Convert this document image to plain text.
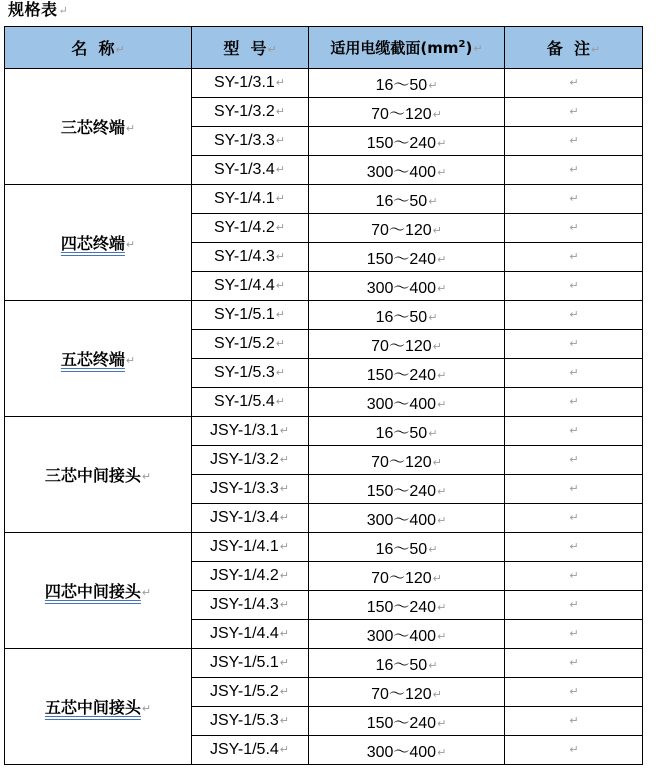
规格表↵
名  称↵	型  号↵	适用电缆截面$(mm^2)↵$	备  注↵
三芯终端↵	SY-1/3.1↵	16～50↵	↵
	SY-1/3.2↵	70～120↵	↵
	SY-1/3.3↵	150～240↵	↵
	SY-1/3.4↵	300～400↵	↵
四芯终端↵	SY-1/4.1↵	16～50↵	↵
	SY-1/4.2↵	70～120↵	↵
	SY-1/4.3↵	150～240↵	↵
	SY-1/4.4↵	300～400↵	↵
五芯终端↵	SY-1/5.1↵	16～50↵	↵
	SY-1/5.2↵	70～120↵	↵
	SY-1/5.3↵	150～240↵	↵
	SY-1/5.4↵	300～400↵	↵
三芯中间接头↵	JSY-1/3.1↵	16～50↵	↵
	JSY-1/3.2↵	70～120↵	↵
	JSY-1/3.3↵	150～240↵	↵
	JSY-1/3.4↵	300～400↵	↵
四芯中间接头↵	JSY-1/4.1↵	16～50↵	↵
	JSY-1/4.2↵	70～120↵	↵
	JSY-1/4.3↵	150～240↵	↵
	JSY-1/4.4↵	300～400↵	↵
五芯中间接头↵	JSY-1/5.1↵	16～50↵	↵
	JSY-1/5.2↵	70～120↵	↵
	JSY-1/5.3↵	150～240↵	↵
	JSY-1/5.4↵	300～400↵	↵
